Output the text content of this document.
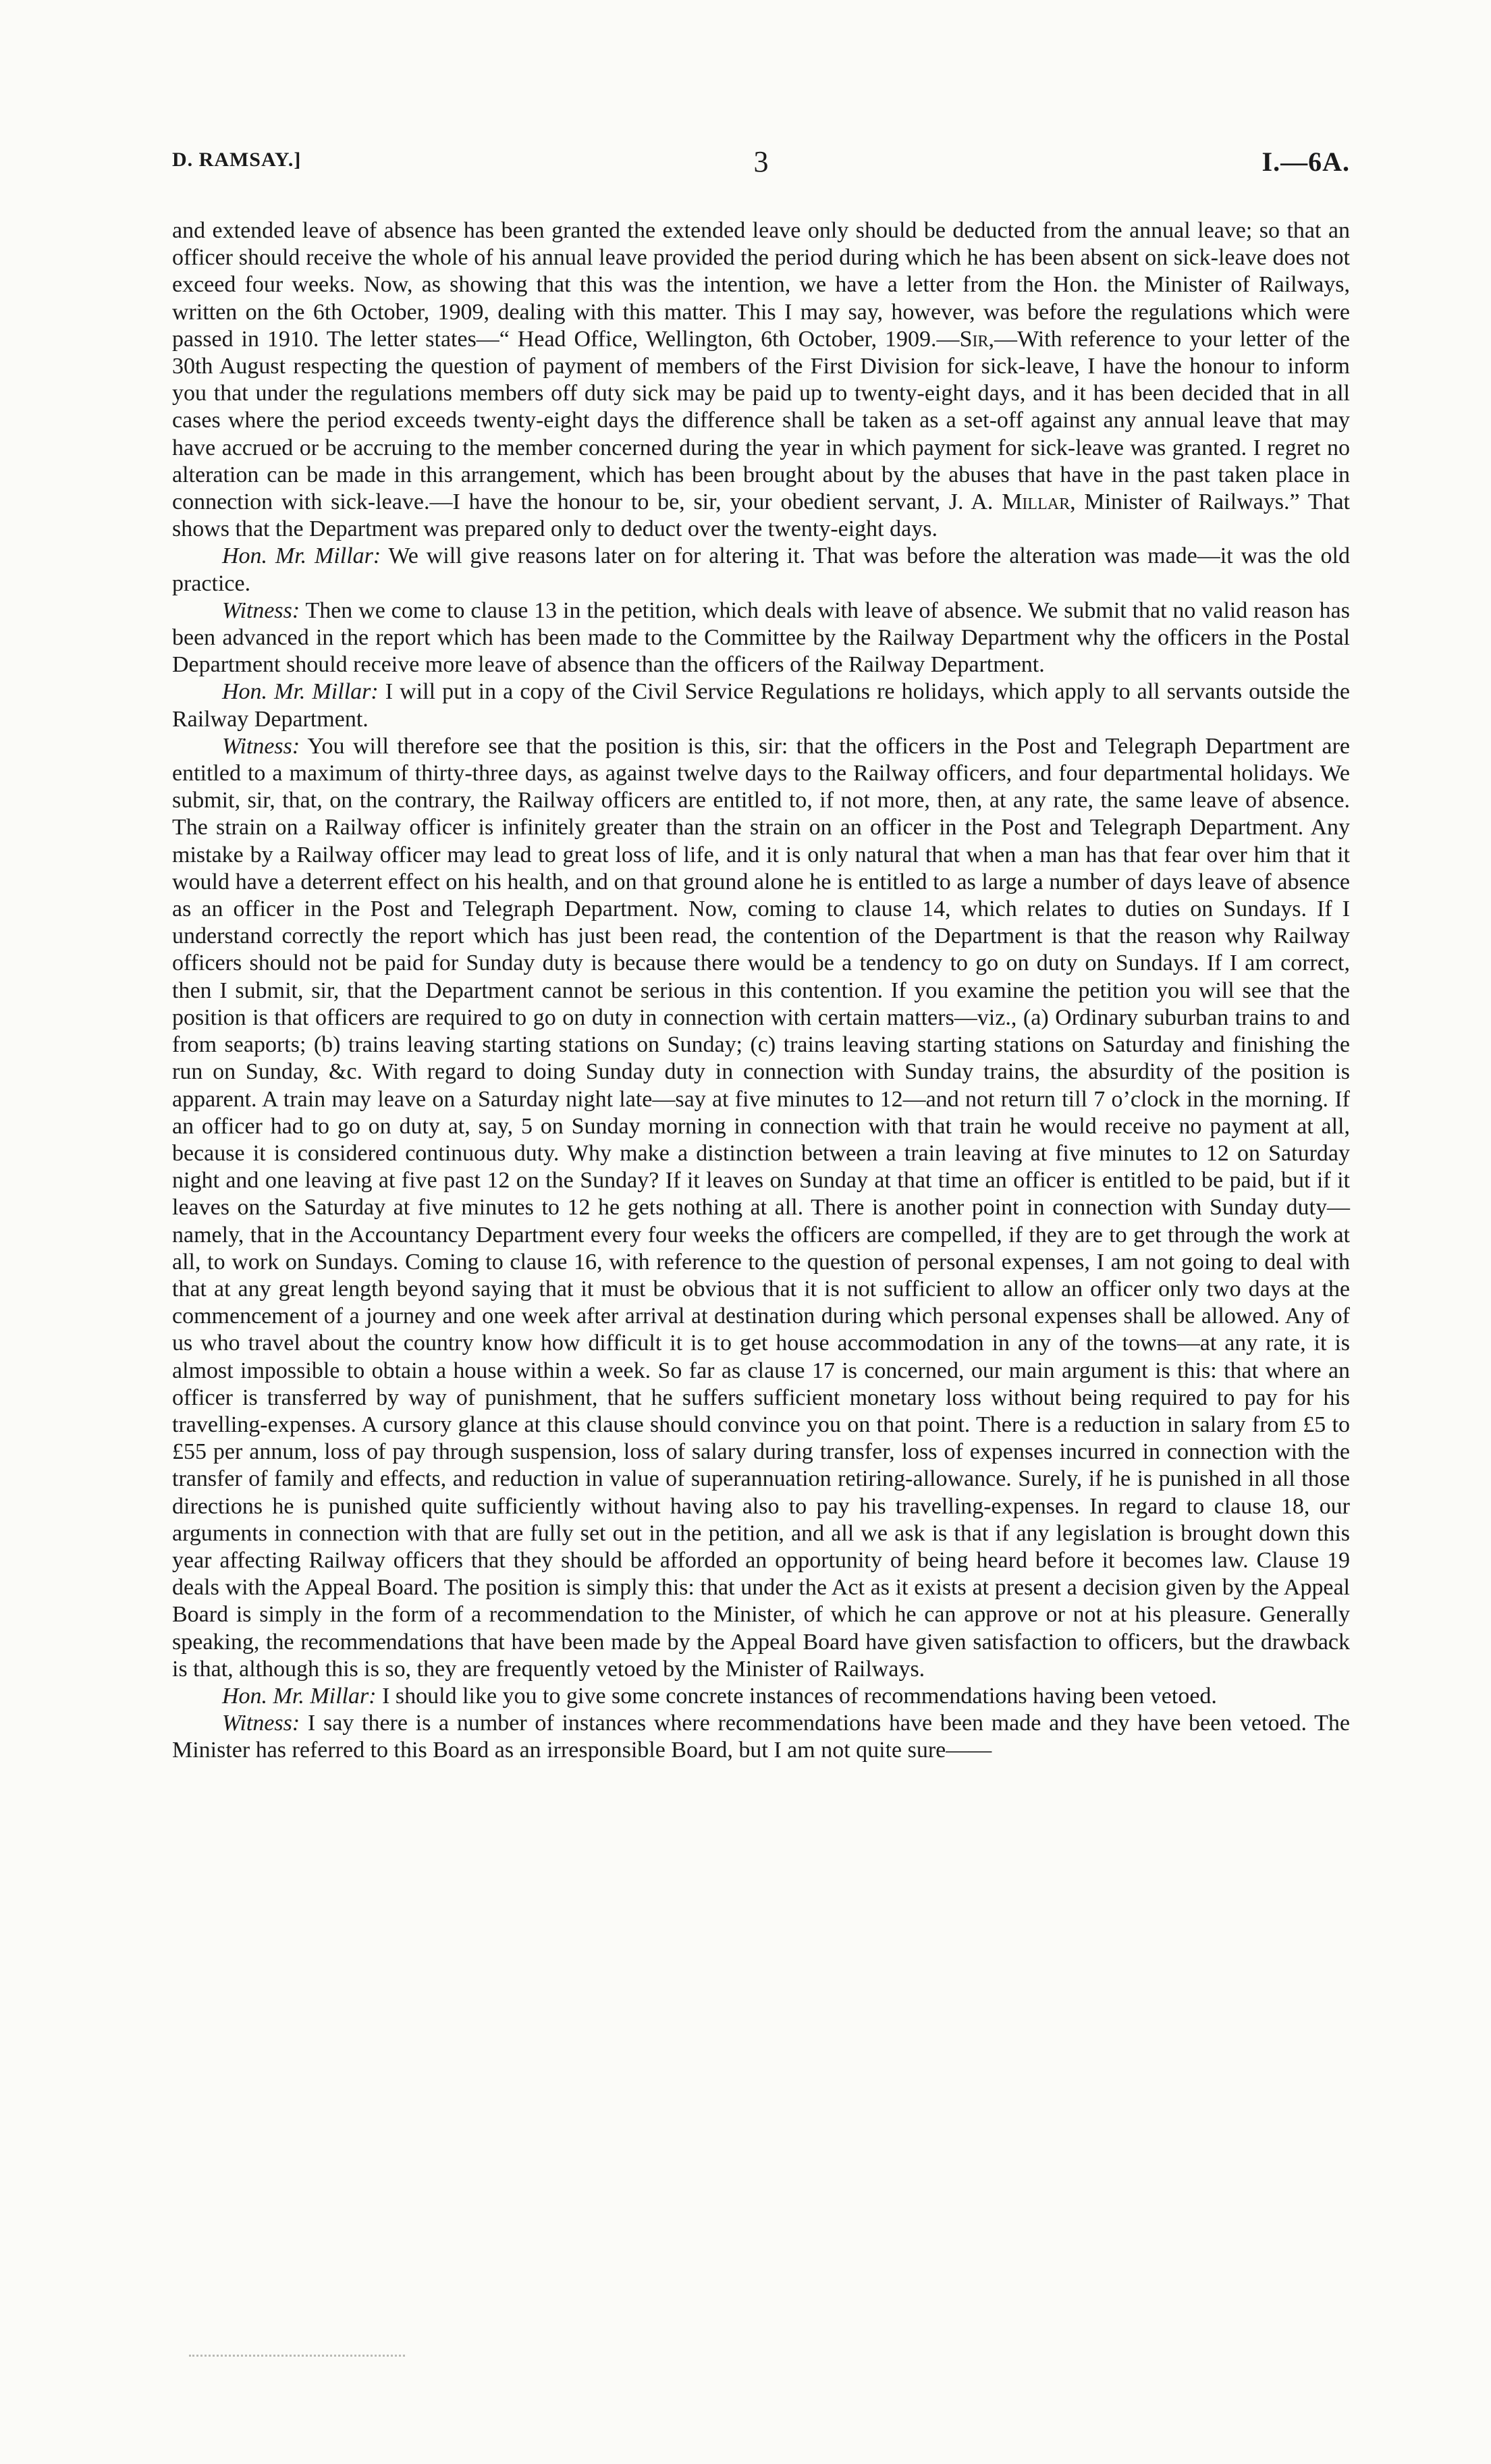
D. RAMSAY.]	3	I.—6A.

and extended leave of absence has been granted the extended leave only should be deducted from the annual leave; so that an officer should receive the whole of his annual leave provided the period during which he has been absent on sick-leave does not exceed four weeks. Now, as showing that this was the intention, we have a letter from the Hon. the Minister of Railways, written on the 6th October, 1909, dealing with this matter. This I may say, however, was before the regulations which were passed in 1910. The letter states—“ Head Office, Wellington, 6th October, 1909.—Sir,—With reference to your letter of the 30th August respecting the question of payment of members of the First Division for sick-leave, I have the honour to inform you that under the regulations members off duty sick may be paid up to twenty-eight days, and it has been decided that in all cases where the period exceeds twenty-eight days the difference shall be taken as a set-off against any annual leave that may have accrued or be accruing to the member concerned during the year in which payment for sick-leave was granted. I regret no alteration can be made in this arrangement, which has been brought about by the abuses that have in the past taken place in connection with sick-leave.—I have the honour to be, sir, your obedient servant, J. A. Millar, Minister of Railways.” That shows that the Department was prepared only to deduct over the twenty-eight days.

Hon. Mr. Millar: We will give reasons later on for altering it. That was before the alteration was made—it was the old practice.

Witness: Then we come to clause 13 in the petition, which deals with leave of absence. We submit that no valid reason has been advanced in the report which has been made to the Committee by the Railway Department why the officers in the Postal Department should receive more leave of absence than the officers of the Railway Department.

Hon. Mr. Millar: I will put in a copy of the Civil Service Regulations re holidays, which apply to all servants outside the Railway Department.

Witness: You will therefore see that the position is this, sir: that the officers in the Post and Telegraph Department are entitled to a maximum of thirty-three days, as against twelve days to the Railway officers, and four departmental holidays. We submit, sir, that, on the contrary, the Railway officers are entitled to, if not more, then, at any rate, the same leave of absence. The strain on a Railway officer is infinitely greater than the strain on an officer in the Post and Telegraph Department. Any mistake by a Railway officer may lead to great loss of life, and it is only natural that when a man has that fear over him that it would have a deterrent effect on his health, and on that ground alone he is entitled to as large a number of days leave of absence as an officer in the Post and Telegraph Department. Now, coming to clause 14, which relates to duties on Sundays. If I understand correctly the report which has just been read, the contention of the Department is that the reason why Railway officers should not be paid for Sunday duty is because there would be a tendency to go on duty on Sundays. If I am correct, then I submit, sir, that the Department cannot be serious in this contention. If you examine the petition you will see that the position is that officers are required to go on duty in connection with certain matters—viz., (a) Ordinary suburban trains to and from seaports; (b) trains leaving starting stations on Sunday; (c) trains leaving starting stations on Saturday and finishing the run on Sunday, &c. With regard to doing Sunday duty in connection with Sunday trains, the absurdity of the position is apparent. A train may leave on a Saturday night late—say at five minutes to 12—and not return till 7 o’clock in the morning. If an officer had to go on duty at, say, 5 on Sunday morning in connection with that train he would receive no payment at all, because it is considered continuous duty. Why make a distinction between a train leaving at five minutes to 12 on Saturday night and one leaving at five past 12 on the Sunday? If it leaves on Sunday at that time an officer is entitled to be paid, but if it leaves on the Saturday at five minutes to 12 he gets nothing at all. There is another point in connection with Sunday duty—namely, that in the Accountancy Department every four weeks the officers are compelled, if they are to get through the work at all, to work on Sundays. Coming to clause 16, with reference to the question of personal expenses, I am not going to deal with that at any great length beyond saying that it must be obvious that it is not sufficient to allow an officer only two days at the commencement of a journey and one week after arrival at destination during which personal expenses shall be allowed. Any of us who travel about the country know how difficult it is to get house accommodation in any of the towns—at any rate, it is almost impossible to obtain a house within a week. So far as clause 17 is concerned, our main argument is this: that where an officer is transferred by way of punishment, that he suffers sufficient monetary loss without being required to pay for his travelling-expenses. A cursory glance at this clause should convince you on that point. There is a reduction in salary from £5 to £55 per annum, loss of pay through suspension, loss of salary during transfer, loss of expenses incurred in connection with the transfer of family and effects, and reduction in value of superannuation retiring-allowance. Surely, if he is punished in all those directions he is punished quite sufficiently without having also to pay his travelling-expenses. In regard to clause 18, our arguments in connection with that are fully set out in the petition, and all we ask is that if any legislation is brought down this year affecting Railway officers that they should be afforded an opportunity of being heard before it becomes law. Clause 19 deals with the Appeal Board. The position is simply this: that under the Act as it exists at present a decision given by the Appeal Board is simply in the form of a recommendation to the Minister, of which he can approve or not at his pleasure. Generally speaking, the recommendations that have been made by the Appeal Board have given satisfaction to officers, but the drawback is that, although this is so, they are frequently vetoed by the Minister of Railways.

Hon. Mr. Millar: I should like you to give some concrete instances of recommendations having been vetoed.

Witness: I say there is a number of instances where recommendations have been made and they have been vetoed. The Minister has referred to this Board as an irresponsible Board, but I am not quite sure——
